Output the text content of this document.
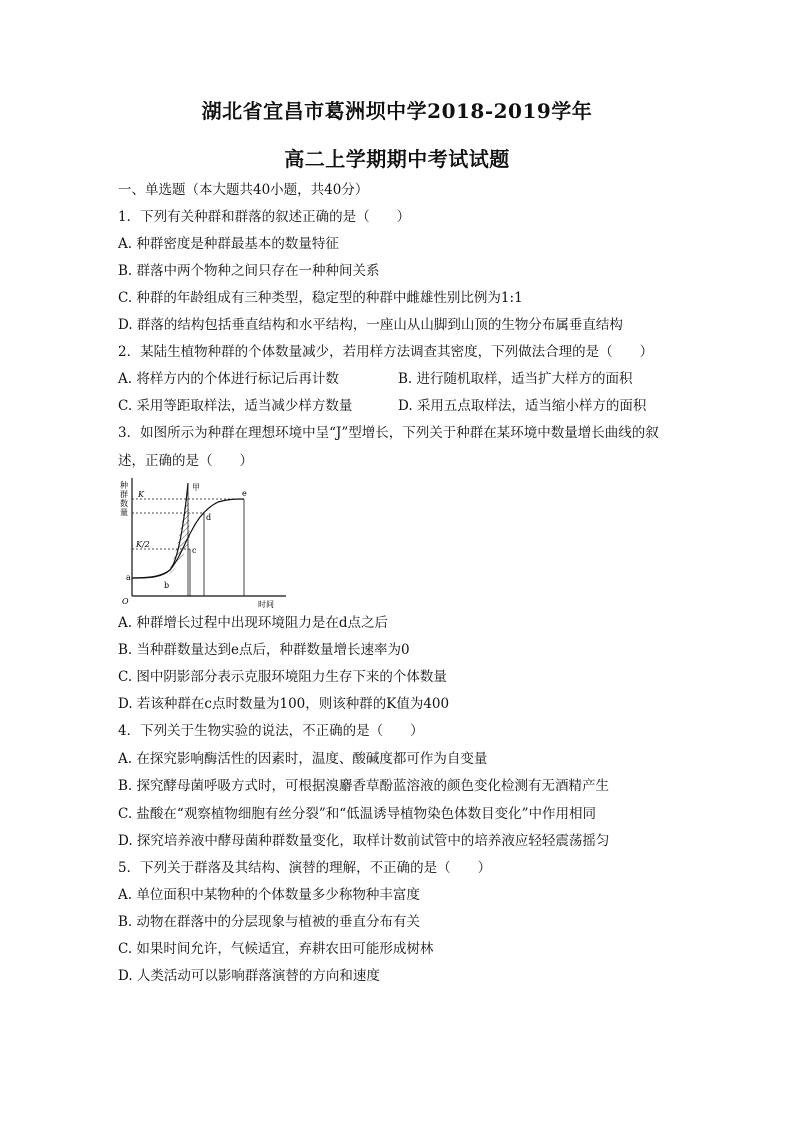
湖北省宜昌市葛洲坝中学2018-2019学年
高二上学期期中考试试题
一、单选题（本大题共40小题，共40分）
1．下列有关种群和群落的叙述正确的是（　　）
A. 种群密度是种群最基本的数量特征
B. 群落中两个物种之间只存在一种种间关系
C. 种群的年龄组成有三种类型，稳定型的种群中雌雄性别比例为1:1
D. 群落的结构包括垂直结构和水平结构，一座山从山脚到山顶的生物分布属垂直结构
2．某陆生植物种群的个体数量减少，若用样方法调查其密度，下列做法合理的是（　　）
A. 将样方内的个体进行标记后再计数	B. 进行随机取样，适当扩大样方的面积
C. 采用等距取样法，适当减少样方数量	D. 采用五点取样法，适当缩小样方的面积
3．如图所示为种群在理想环境中呈“J”型增长，下列关于种群在某环境中数量增长曲线的叙
述，正确的是（　　）
种
群
数
量
K
K/2
甲
a
b
c
d
e
O	时间
A. 种群增长过程中出现环境阻力是在d点之后
B. 当种群数量达到e点后，种群数量增长速率为0
C. 图中阴影部分表示克服环境阻力生存下来的个体数量
D. 若该种群在c点时数量为100，则该种群的K值为400
4．下列关于生物实验的说法，不正确的是（　　）
A. 在探究影响酶活性的因素时，温度、酸碱度都可作为自变量
B. 探究酵母菌呼吸方式时，可根据溴麝香草酚蓝溶液的颜色变化检测有无酒精产生
C. 盐酸在“观察植物细胞有丝分裂”和“低温诱导植物染色体数目变化”中作用相同
D. 探究培养液中酵母菌种群数量变化，取样计数前试管中的培养液应轻轻震荡摇匀
5．下列关于群落及其结构、演替的理解，不正确的是（　　）
A. 单位面积中某物种的个体数量多少称物种丰富度
B. 动物在群落中的分层现象与植被的垂直分布有关
C. 如果时间允许，气候适宜，弃耕农田可能形成树林
D. 人类活动可以影响群落演替的方向和速度
